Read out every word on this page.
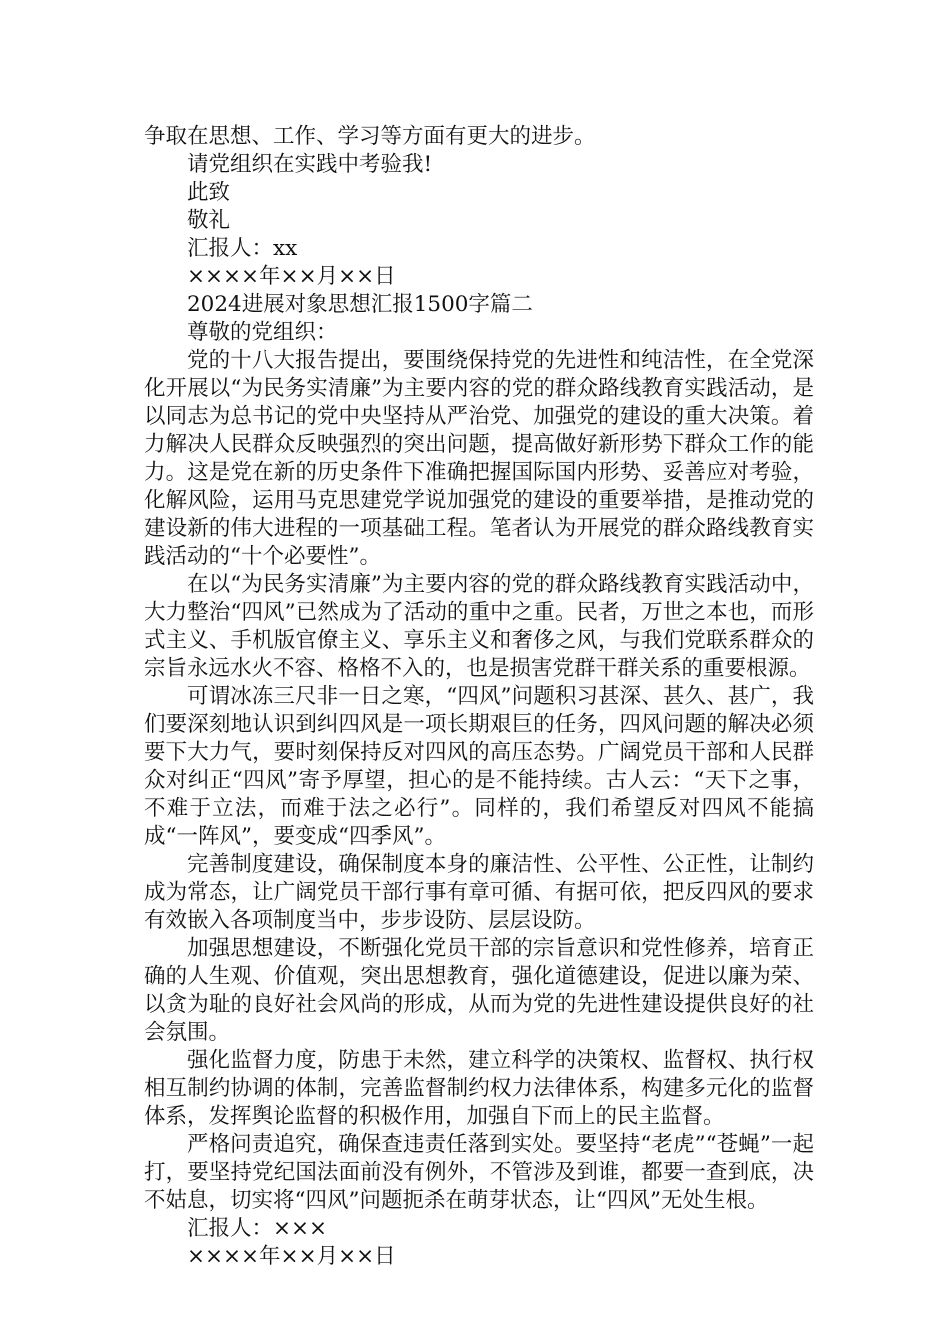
争取在思想、工作、学习等方面有更大的进步。

请党组织在实践中考验我!

此致

敬礼

汇报人：xx

××××年××月××日

2024进展对象思想汇报1500字篇二

尊敬的党组织：

党的十八大报告提出，要围绕保持党的先进性和纯洁性，在全党深化开展以“为民务实清廉”为主要内容的党的群众路线教育实践活动，是以同志为总书记的党中央坚持从严治党、加强党的建设的重大决策。着力解决人民群众反映强烈的突出问题，提高做好新形势下群众工作的能力。这是党在新的历史条件下准确把握国际国内形势、妥善应对考验，化解风险，运用马克思建党学说加强党的建设的重要举措，是推动党的建设新的伟大进程的一项基础工程。笔者认为开展党的群众路线教育实践活动的“十个必要性”。

在以“为民务实清廉”为主要内容的党的群众路线教育实践活动中，大力整治“四风”已然成为了活动的重中之重。民者，万世之本也，而形式主义、手机版官僚主义、享乐主义和奢侈之风，与我们党联系群众的宗旨永远水火不容、格格不入的，也是损害党群干群关系的重要根源。

可谓冰冻三尺非一日之寒，“四风”问题积习甚深、甚久、甚广，我们要深刻地认识到纠四风是一项长期艰巨的任务，四风问题的解决必须要下大力气，要时刻保持反对四风的高压态势。广阔党员干部和人民群众对纠正“四风”寄予厚望，担心的是不能持续。古人云：“天下之事，不难于立法，而难于法之必行”。同样的，我们希望反对四风不能搞成“一阵风”，要变成“四季风”。

完善制度建设，确保制度本身的廉洁性、公平性、公正性，让制约成为常态，让广阔党员干部行事有章可循、有据可依，把反四风的要求有效嵌入各项制度当中，步步设防、层层设防。

加强思想建设，不断强化党员干部的宗旨意识和党性修养，培育正确的人生观、价值观，突出思想教育，强化道德建设，促进以廉为荣、以贪为耻的良好社会风尚的形成，从而为党的先进性建设提供良好的社会氛围。

强化监督力度，防患于未然，建立科学的决策权、监督权、执行权相互制约协调的体制，完善监督制约权力法律体系，构建多元化的监督体系，发挥舆论监督的积极作用，加强自下而上的民主监督。

严格问责追究，确保查违责任落到实处。要坚持“老虎”“苍蝇”一起打，要坚持党纪国法面前没有例外，不管涉及到谁，都要一查到底，决不姑息，切实将“四风”问题扼杀在萌芽状态，让“四风”无处生根。

汇报人：×××

××××年××月××日
